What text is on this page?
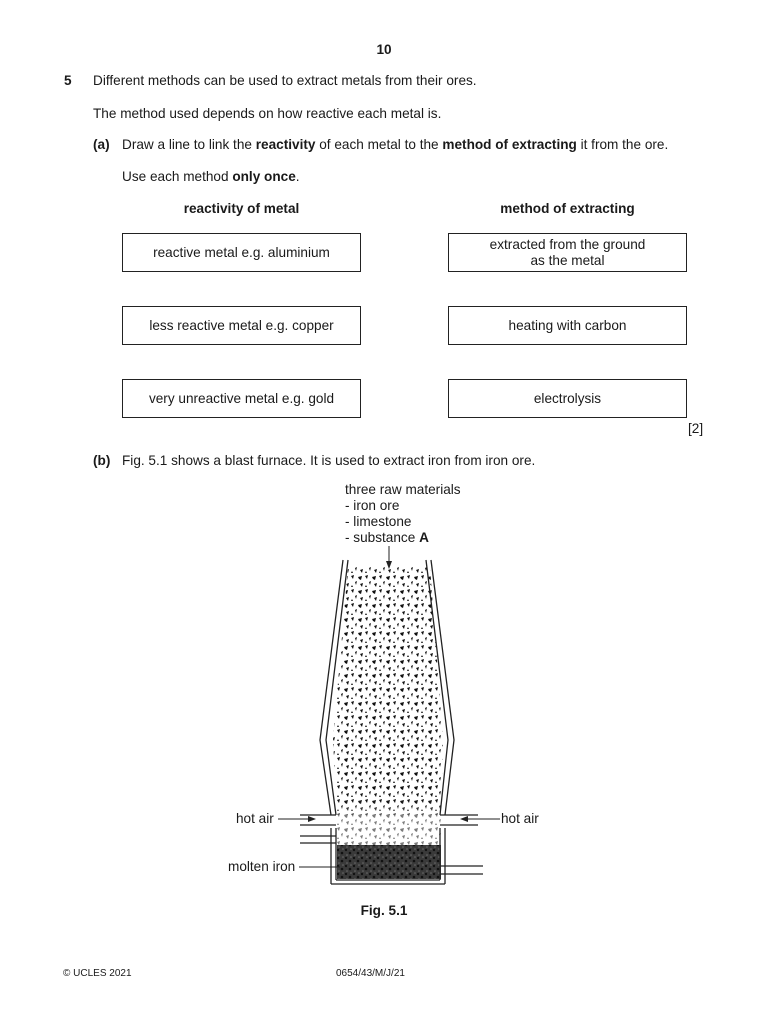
10
5 Different methods can be used to extract metals from their ores.
The method used depends on how reactive each metal is.
(a) Draw a line to link the reactivity of each metal to the method of extracting it from the ore.
Use each method only once.
reactivity of metal	method of extracting
reactive metal e.g. aluminium
less reactive metal e.g. copper
very unreactive metal e.g. gold
extracted from the ground
as the metal
heating with carbon
electrolysis
[2]
(b) Fig. 5.1 shows a blast furnace. It is used to extract iron from iron ore.
three raw materials
- iron ore
- limestone
- substance A
hot air	hot air
molten iron
Fig. 5.1
© UCLES 2021	0654/43/M/J/21
